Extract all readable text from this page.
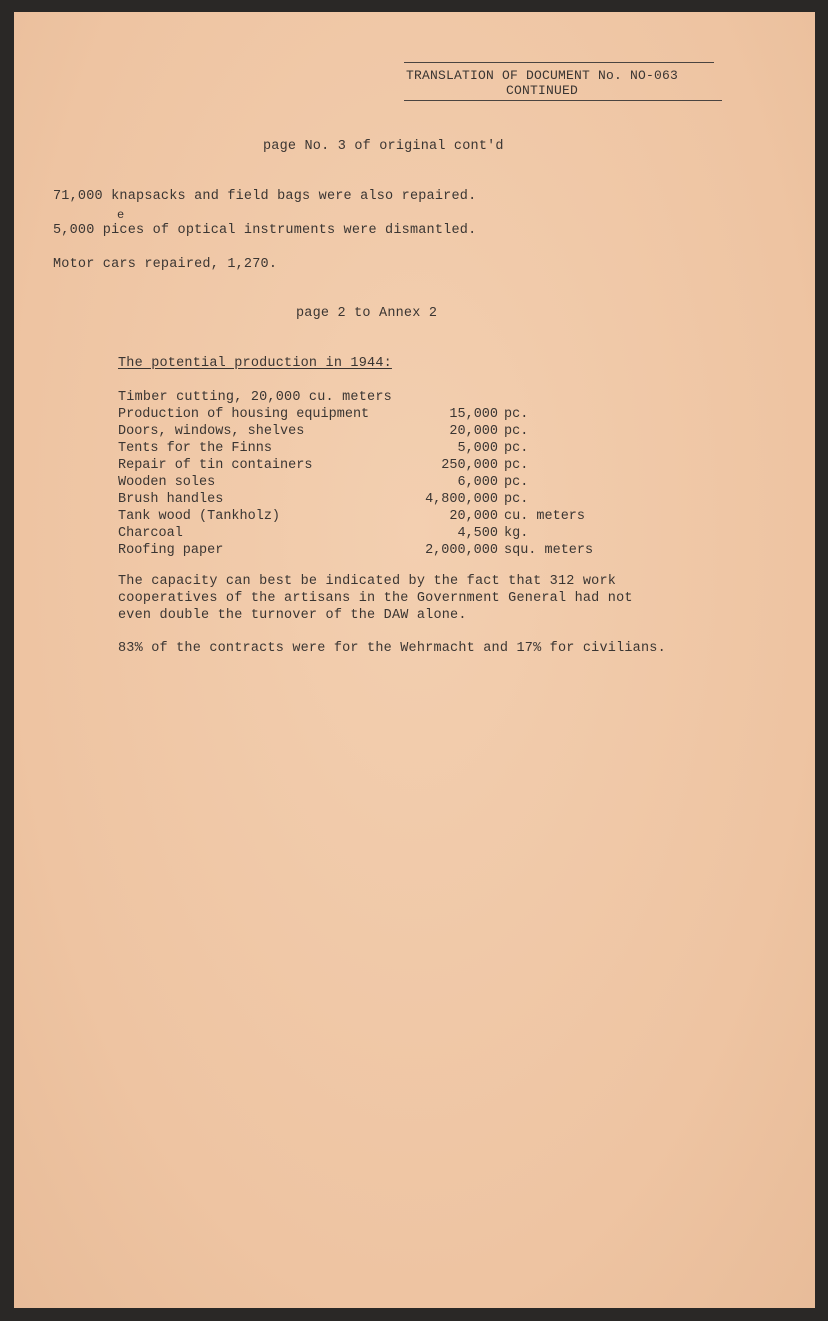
TRANSLATION OF DOCUMENT No. NO-063
CONTINUED
page No. 3 of original cont'd
71,000 knapsacks and field bags were also repaired.
e
5,000 pices of optical instruments were dismantled.
Motor cars repaired, 1,270.
page 2 to Annex 2
The potential production in 1944:
Timber cutting, 20,000 cu. meters
Production of housing equipment	15,000 pc.
Doors, windows, shelves	20,000 pc.
Tents for the Finns	5,000 pc.
Repair of tin containers	250,000 pc.
Wooden soles	6,000 pc.
Brush handles	4,800,000 pc.
Tank wood (Tankholz)	20,000 cu. meters
Charcoal	4,500 kg.
Roofing paper	2,000,000 squ. meters
The capacity can best be indicated by the fact that 312 work
cooperatives of the artisans in the Government General had not
even double the turnover of the DAW alone.
83% of the contracts were for the Wehrmacht and 17% for civilians.
